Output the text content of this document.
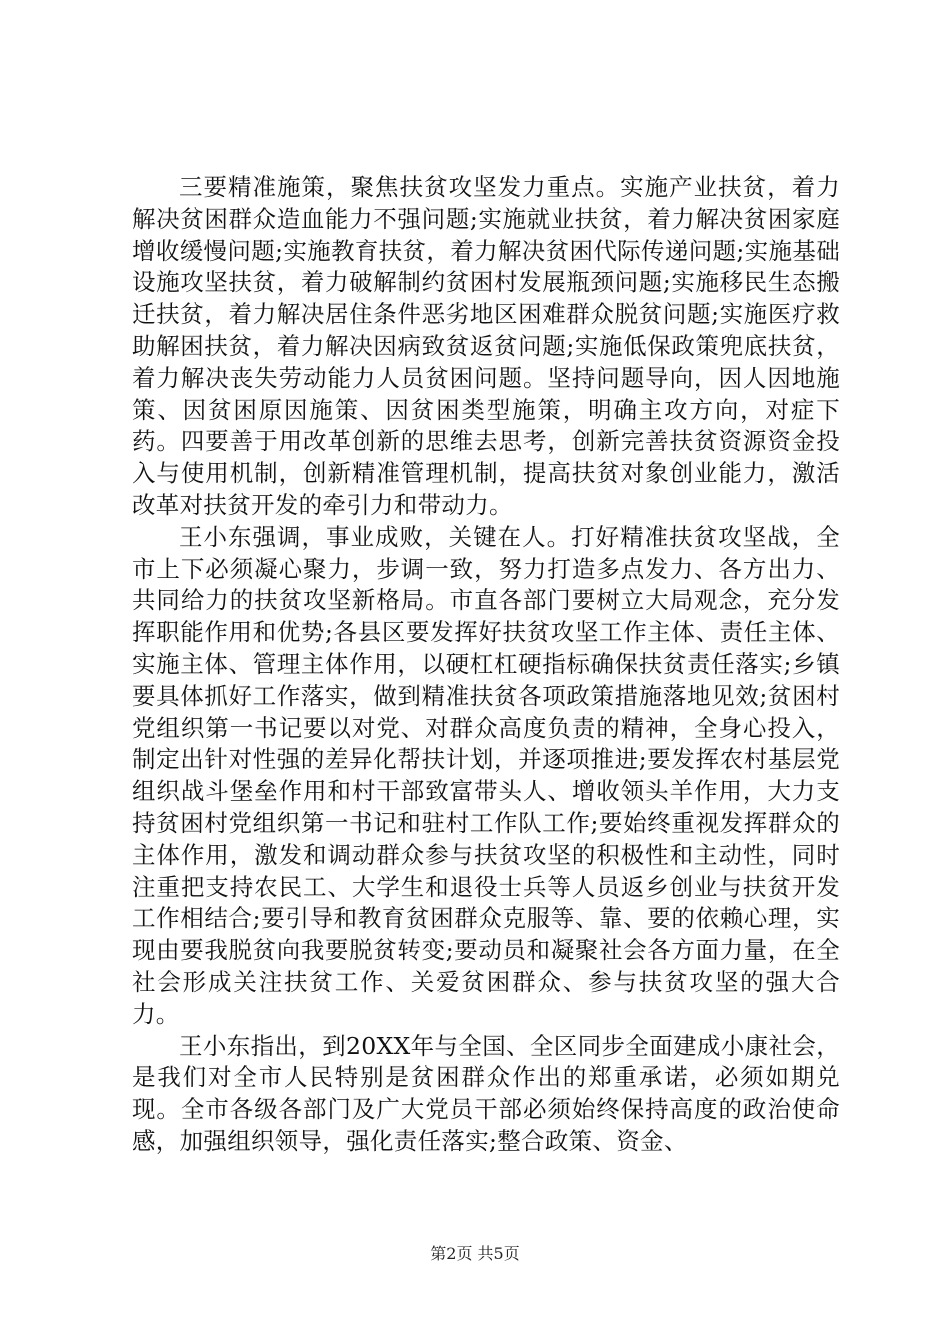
三要精准施策，聚焦扶贫攻坚发力重点。实施产业扶贫，着力解决贫困群众造血能力不强问题;实施就业扶贫，着力解决贫困家庭增收缓慢问题;实施教育扶贫，着力解决贫困代际传递问题;实施基础设施攻坚扶贫，着力破解制约贫困村发展瓶颈问题;实施移民生态搬迁扶贫，着力解决居住条件恶劣地区困难群众脱贫问题;实施医疗救助解困扶贫，着力解决因病致贫返贫问题;实施低保政策兜底扶贫，着力解决丧失劳动能力人员贫困问题。坚持问题导向，因人因地施策、因贫困原因施策、因贫困类型施策，明确主攻方向，对症下药。四要善于用改革创新的思维去思考，创新完善扶贫资源资金投入与使用机制，创新精准管理机制，提高扶贫对象创业能力，激活改革对扶贫开发的牵引力和带动力。

王小东强调，事业成败，关键在人。打好精准扶贫攻坚战，全市上下必须凝心聚力，步调一致，努力打造多点发力、各方出力、共同给力的扶贫攻坚新格局。市直各部门要树立大局观念，充分发挥职能作用和优势;各县区要发挥好扶贫攻坚工作主体、责任主体、实施主体、管理主体作用，以硬杠杠硬指标确保扶贫责任落实;乡镇要具体抓好工作落实，做到精准扶贫各项政策措施落地见效;贫困村党组织第一书记要以对党、对群众高度负责的精神，全身心投入，制定出针对性强的差异化帮扶计划，并逐项推进;要发挥农村基层党组织战斗堡垒作用和村干部致富带头人、增收领头羊作用，大力支持贫困村党组织第一书记和驻村工作队工作;要始终重视发挥群众的主体作用，激发和调动群众参与扶贫攻坚的积极性和主动性，同时注重把支持农民工、大学生和退役士兵等人员返乡创业与扶贫开发工作相结合;要引导和教育贫困群众克服等、靠、要的依赖心理，实现由要我脱贫向我要脱贫转变;要动员和凝聚社会各方面力量，在全社会形成关注扶贫工作、关爱贫困群众、参与扶贫攻坚的强大合力。

王小东指出，到20XX年与全国、全区同步全面建成小康社会，是我们对全市人民特别是贫困群众作出的郑重承诺，必须如期兑现。全市各级各部门及广大党员干部必须始终保持高度的政治使命感，加强组织领导，强化责任落实;整合政策、资金、

第2页 共5页
